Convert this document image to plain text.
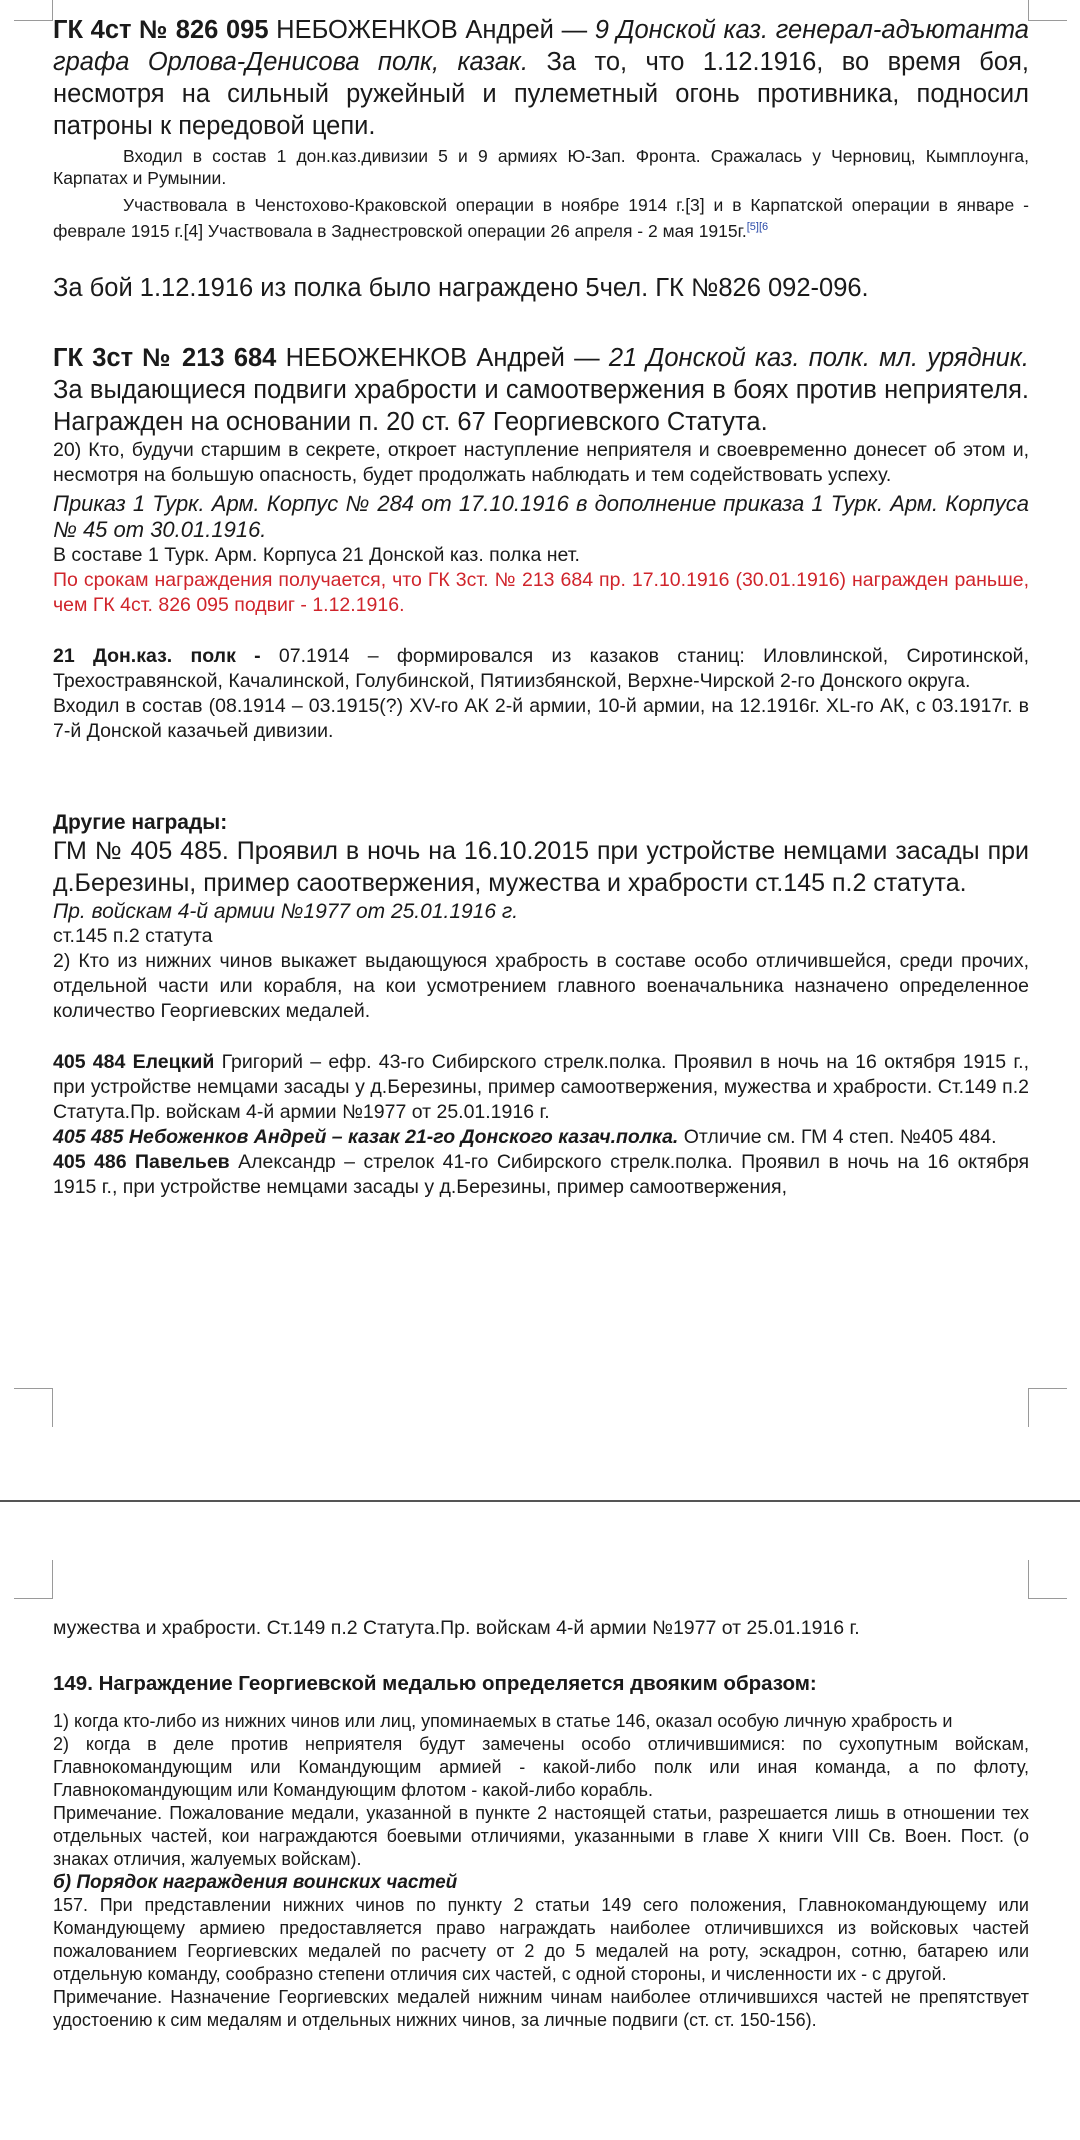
ГК 4ст № 826 095 НЕБОЖЕНКОВ Андрей — 9 Донской каз. генерал-адъютанта графа Орлова-Денисова полк, казак. За то, что 1.12.1916, во время боя, несмотря на сильный ружейный и пулеметный огонь противника, подносил патроны к передовой цепи.

Входил в состав 1 дон.каз.дивизии 5 и 9 армиях Ю-Зап. Фронта. Сражалась у Черновиц, Кымплоунга, Карпатах и Румынии.

Участвовала в Ченстохово-Краковской операции в ноябре 1914 г.[3] и в Карпатской операции в январе - феврале 1915 г.[4] Участвовала в Заднестровской операции 26 апреля - 2 мая 1915г.$^{[5][6}$

За бой 1.12.1916 из полка было награждено 5чел. ГК №826 092-096.

ГК 3ст № 213 684 НЕБОЖЕНКОВ Андрей — 21 Донской каз. полк. мл. урядник. За выдающиеся подвиги храбрости и самоотвержения в боях против неприятеля. Награжден на основании п. 20 ст. 67 Георгиевского Статута.

20) Кто, будучи старшим в секрете, откроет наступление неприятеля и своевременно донесет об этом и, несмотря на большую опасность, будет продолжать наблюдать и тем содействовать успеху.

Приказ 1 Турк. Арм. Корпус № 284 от 17.10.1916 в дополнение приказа 1 Турк. Арм. Корпуса № 45 от 30.01.1916.

В составе 1 Турк. Арм. Корпуса 21 Донской каз. полка нет.

По срокам награждения получается, что ГК 3ст. № 213 684 пр. 17.10.1916 (30.01.1916) награжден раньше, чем ГК 4ст. 826 095 подвиг - 1.12.1916.

21 Дон.каз. полк - 07.1914 – формировался из казаков станиц: Иловлинской, Сиротинской, Трехостравянской, Качалинской, Голубинской, Пятиизбянской, Верхне-Чирской 2-го Донского округа.

Входил в состав (08.1914 – 03.1915(?) XV-го АК 2-й армии, 10-й армии, на 12.1916г. XL-го АК, с 03.1917г. в 7-й Донской казачьей дивизии.

Другие награды:

ГМ № 405 485. Проявил в ночь на 16.10.2015 при устройстве немцами засады при д.Березины, пример саоотвержения, мужества и храбрости ст.145 п.2 статута.

Пр. войскам 4-й армии №1977 от 25.01.1916 г.

ст.145 п.2 статута

2) Кто из нижних чинов выкажет выдающуюся храбрость в составе особо отличившейся, среди прочих, отдельной части или корабля, на кои усмотрением главного военачальника назначено определенное количество Георгиевских медалей.

405 484 Елецкий Григорий – ефр. 43-го Сибирского стрелк.полка. Проявил в ночь на 16 октября 1915 г., при устройстве немцами засады у д.Березины, пример самоотвержения, мужества и храбрости. Ст.149 п.2 Статута.Пр. войскам 4-й армии №1977 от 25.01.1916 г.

405 485 Небоженков Андрей – казак 21-го Донского казач.полка. Отличие см. ГМ 4 степ. №405 484.

405 486 Павельев Александр – стрелок 41-го Сибирского стрелк.полка. Проявил в ночь на 16 октября 1915 г., при устройстве немцами засады у д.Березины, пример самоотвержения,

мужества и храбрости. Ст.149 п.2 Статута.Пр. войскам 4-й армии №1977 от 25.01.1916 г.

149. Награждение Георгиевской медалью определяется двояким образом:

1) когда кто-либо из нижних чинов или лиц, упоминаемых в статье 146, оказал особую личную храбрость и

2) когда в деле против неприятеля будут замечены особо отличившимися: по сухопутным войскам, Главнокомандующим или Командующим армией - какой-либо полк или иная команда, а по флоту, Главнокомандующим или Командующим флотом - какой-либо корабль.

Примечание. Пожалование медали, указанной в пункте 2 настоящей статьи, разрешается лишь в отношении тех отдельных частей, кои награждаются боевыми отличиями, указанными в главе X книги VIII Св. Воен. Пост. (о знаках отличия, жалуемых войскам).

б) Порядок награждения воинских частей

157. При представлении нижних чинов по пункту 2 статьи 149 сего положения, Главнокомандующему или Командующему армиею предоставляется право награждать наиболее отличившихся из войсковых частей пожалованием Георгиевских медалей по расчету от 2 до 5 медалей на роту, эскадрон, сотню, батарею или отдельную команду, сообразно степени отличия сих частей, с одной стороны, и численности их - с другой.

Примечание. Назначение Георгиевских медалей нижним чинам наиболее отличившихся частей не препятствует удостоению к сим медалям и отдельных нижних чинов, за личные подвиги (ст. ст. 150-156).
